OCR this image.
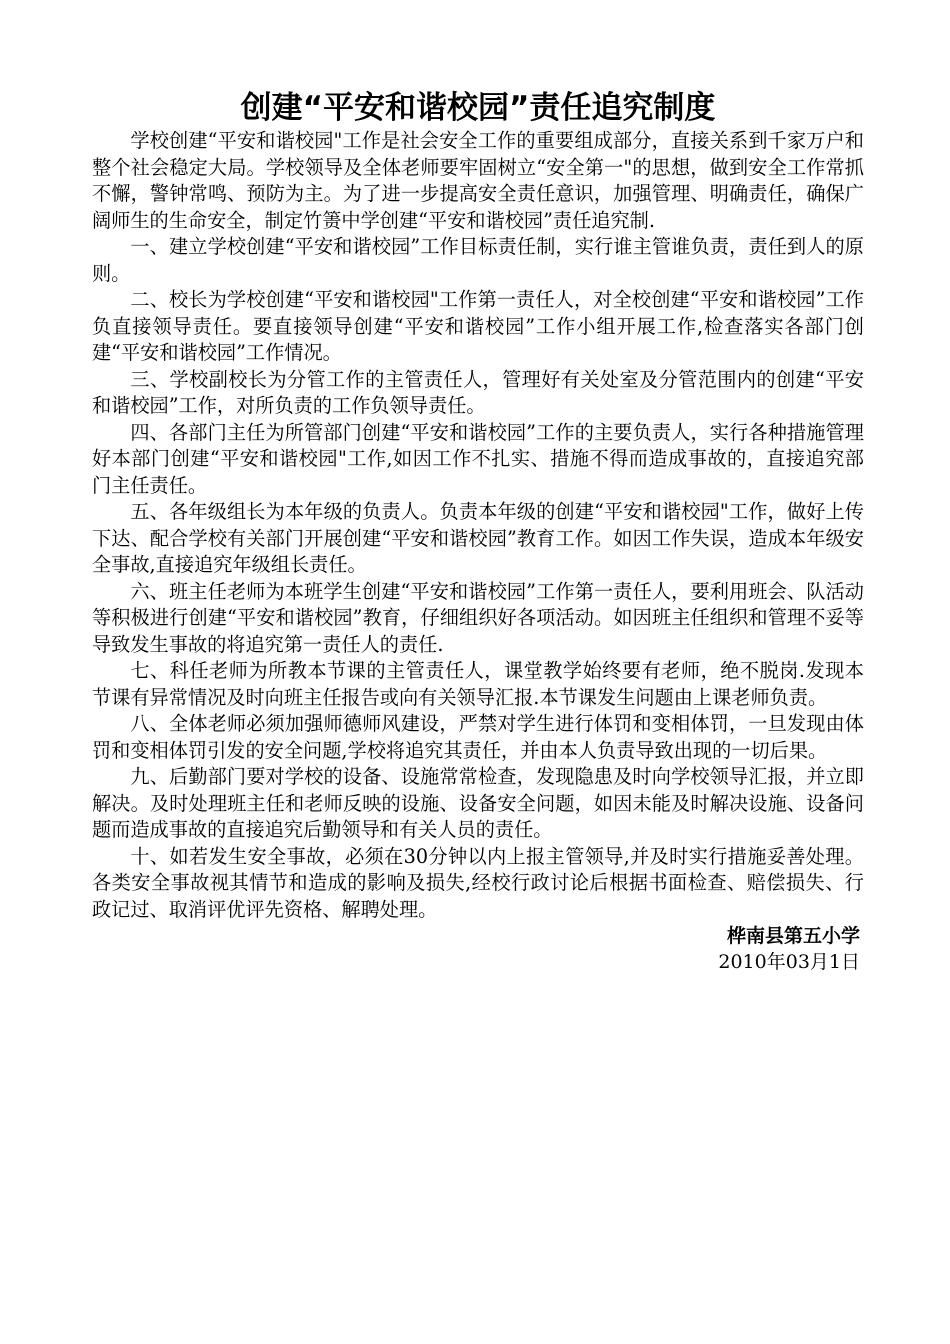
创建“平安和谐校园”责任追究制度

学校创建“平安和谐校园"工作是社会安全工作的重要组成部分，直接关系到千家万户和整个社会稳定大局。学校领导及全体老师要牢固树立“安全第一"的思想，做到安全工作常抓不懈，警钟常鸣、预防为主。为了进一步提高安全责任意识，加强管理、明确责任，确保广阔师生的生命安全，制定竹箦中学创建“平安和谐校园”责任追究制.

一、建立学校创建“平安和谐校园”工作目标责任制，实行谁主管谁负责，责任到人的原则。

二、校长为学校创建“平安和谐校园"工作第一责任人，对全校创建“平安和谐校园”工作负直接领导责任。要直接领导创建“平安和谐校园”工作小组开展工作,检查落实各部门创建“平安和谐校园”工作情况。

三、学校副校长为分管工作的主管责任人，管理好有关处室及分管范围内的创建“平安和谐校园”工作，对所负责的工作负领导责任。

四、各部门主任为所管部门创建“平安和谐校园”工作的主要负责人，实行各种措施管理好本部门创建“平安和谐校园"工作,如因工作不扎实、措施不得而造成事故的，直接追究部门主任责任。

五、各年级组长为本年级的负责人。负责本年级的创建“平安和谐校园"工作，做好上传下达、配合学校有关部门开展创建“平安和谐校园”教育工作。如因工作失误，造成本年级安全事故,直接追究年级组长责任。

六、班主任老师为本班学生创建“平安和谐校园”工作第一责任人，要利用班会、队活动等积极进行创建“平安和谐校园”教育，仔细组织好各项活动。如因班主任组织和管理不妥等导致发生事故的将追究第一责任人的责任.

七、科任老师为所教本节课的主管责任人，课堂教学始终要有老师，绝不脱岗.发现本节课有异常情况及时向班主任报告或向有关领导汇报.本节课发生问题由上课老师负责。

八、全体老师必须加强师德师风建设，严禁对学生进行体罚和变相体罚，一旦发现由体罚和变相体罚引发的安全问题,学校将追究其责任，并由本人负责导致出现的一切后果。

九、后勤部门要对学校的设备、设施常常检查，发现隐患及时向学校领导汇报，并立即解决。及时处理班主任和老师反映的设施、设备安全问题，如因未能及时解决设施、设备问题而造成事故的直接追究后勤领导和有关人员的责任。

十、如若发生安全事故，必须在30分钟以内上报主管领导,并及时实行措施妥善处理。各类安全事故视其情节和造成的影响及损失,经校行政讨论后根据书面检查、赔偿损失、行政记过、取消评优评先资格、解聘处理。

桦南县第五小学

2010年03月1日
